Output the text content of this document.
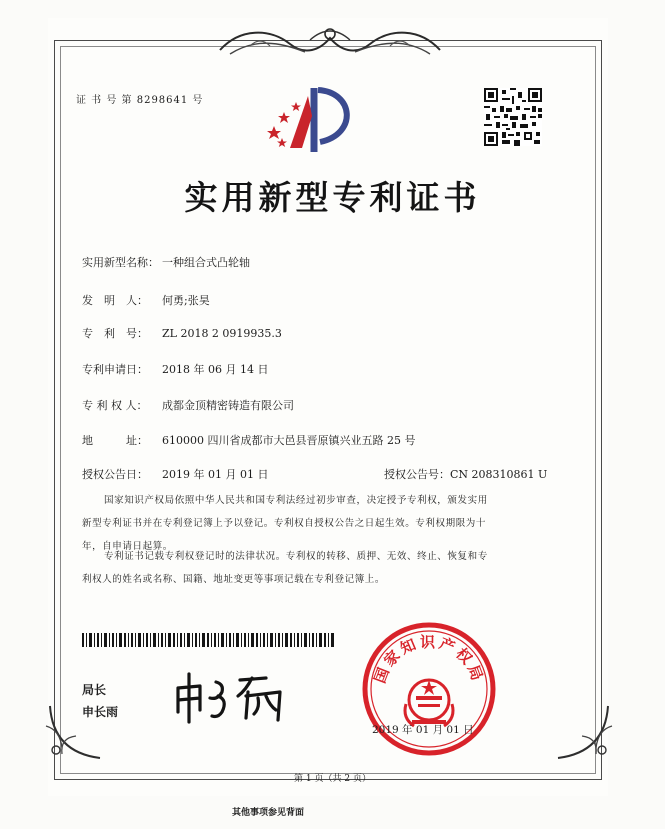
证 书 号 第 8298641 号
实用新型专利证书
实用新型名称： 一种组合式凸轮轴
发　明　人： 何勇;张昊
专　利　号： ZL 2018 2 0919935.3
专利申请日： 2018 年 06 月 14 日
专 利 权 人： 成都金顶精密铸造有限公司
地　　　址： 610000 四川省成都市大邑县晋原镇兴业五路 25 号
授权公告日： 2019 年 01 月 01 日	授权公告号：CN 208310861 U
国家知识产权局依照中华人民共和国专利法经过初步审查，决定授予专利权，颁发实用
新型专利证书并在专利登记簿上予以登记。专利权自授权公告之日起生效。专利权期限为十
年，自申请日起算。
专利证书记载专利权登记时的法律状况。专利权的转移、质押、无效、终止、恢复和专
利权人的姓名或名称、国籍、地址变更等事项记载在专利登记簿上。
局长
申长雨
国家知识产权局
2019 年 01 月 01 日
第 1 页（共 2 页）
其他事项参见背面
